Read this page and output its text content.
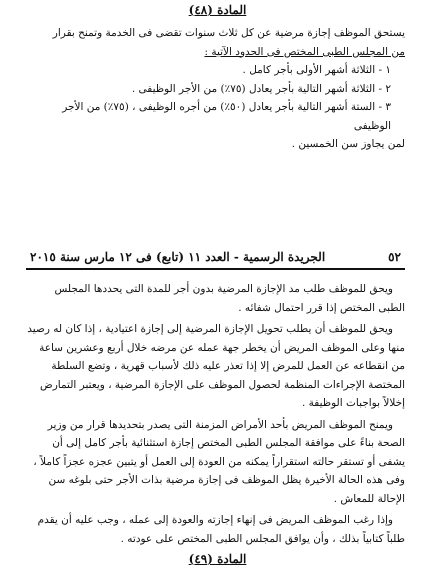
المادة (٤٨)

يستحق الموظف إجازة مرضية عن كل ثلاث سنوات تقضى فى الخدمة وتمنح بقرار

من المجلس الطبى المختص فى الحدود الآتية :

١ - الثلاثة أشهر الأولى بأجر كامل .

٢ - الثلاثة أشهر التالية بأجر يعادل (٧٥٪) من الأجر الوظيفى .

٣ - الستة أشهر التالية بأجر يعادل (٥٠٪) من أجره الوظيفى ، (٧٥٪) من الأجر الوظيفى

لمن يجاوز سن الخمسين .

٥٢
الجريدة الرسمية - العدد ١١ (تابع) فى ١٢ مارس سنة ٢٠١٥

ويحق للموظف طلب مد الإجازة المرضية بدون أجر للمدة التى يحددها المجلس الطبى المختص إذا قرر احتمال شفائه .

ويحق للموظف أن يطلب تحويل الإجازة المرضية إلى إجازة اعتيادية ، إذا كان له رصيد منها وعلى الموظف المريض أن يخطر جهة عمله عن مرضه خلال أربع وعشرين ساعة من انقطاعه عن العمل للمرض إلا إذا تعذر عليه ذلك لأسباب قهرية ، وتضع السلطة المختصة الإجراءات المنظمة لحصول الموظف على الإجازة المرضية ، ويعتبر التمارض إخلالاً بواجبات الوظيفة .

ويمنح الموظف المريض بأحد الأمراض المزمنة التى يصدر بتحديدها قرار من وزير الصحة بناءً على موافقة المجلس الطبى المختص إجازة استثنائية بأجر كامل إلى أن يشفى أو تستقر حالته استقراراً يمكنه من العودة إلى العمل أو يتبين عجزه عجزاً كاملاً ، وفى هذه الحالة الأخيرة يظل الموظف فى إجازة مرضية بذات الأجر حتى بلوغه سن الإحالة للمعاش .

وإذا رغب الموظف المريض فى إنهاء إجازته والعودة إلى عمله ، وجب عليه أن يقدم طلباً كتابياً بذلك ، وأن يوافق المجلس الطبى المختص على عودته .

المادة (٤٩)
